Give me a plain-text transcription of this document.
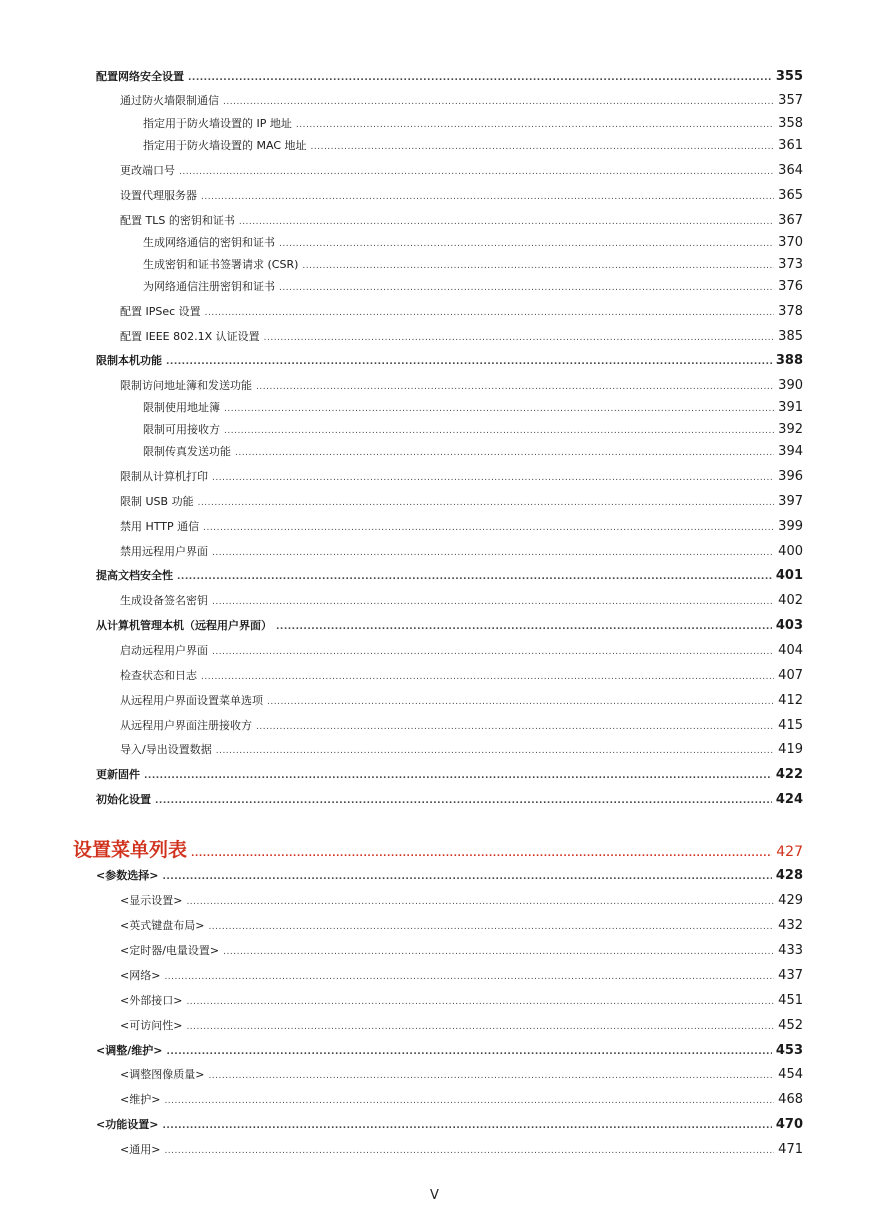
配置网络安全设置 .....	355
通过防火墙限制通信 .....	357
指定用于防火墙设置的 IP 地址 .....	358
指定用于防火墙设置的 MAC 地址 .....	361
更改端口号 .....	364
设置代理服务器 .....	365
配置 TLS 的密钥和证书 .....	367
生成网络通信的密钥和证书 .....	370
生成密钥和证书签署请求 (CSR) .....	373
为网络通信注册密钥和证书 .....	376
配置 IPSec 设置 .....	378
配置 IEEE 802.1X 认证设置 .....	385
限制本机功能 .....	388
限制访问地址簿和发送功能 .....	390
限制使用地址簿 .....	391
限制可用接收方 .....	392
限制传真发送功能 .....	394
限制从计算机打印 .....	396
限制 USB 功能 .....	397
禁用 HTTP 通信 .....	399
禁用远程用户界面 .....	400
提高文档安全性 .....	401
生成设备签名密钥 .....	402
从计算机管理本机（远程用户界面） .....	403
启动远程用户界面 .....	404
检查状态和日志 .....	407
从远程用户界面设置菜单选项 .....	412
从远程用户界面注册接收方 .....	415
导入/导出设置数据 .....	419
更新固件 .....	422
初始化设置 .....	424
设置菜单列表 .....	427
<参数选择> .....	428
<显示设置> .....	429
<英式键盘布局> .....	432
<定时器/电量设置> .....	433
<网络> .....	437
<外部接口> .....	451
<可访问性> .....	452
<调整/维护> .....	453
<调整图像质量> .....	454
<维护> .....	468
<功能设置> .....	470
<通用> .....	471
V
